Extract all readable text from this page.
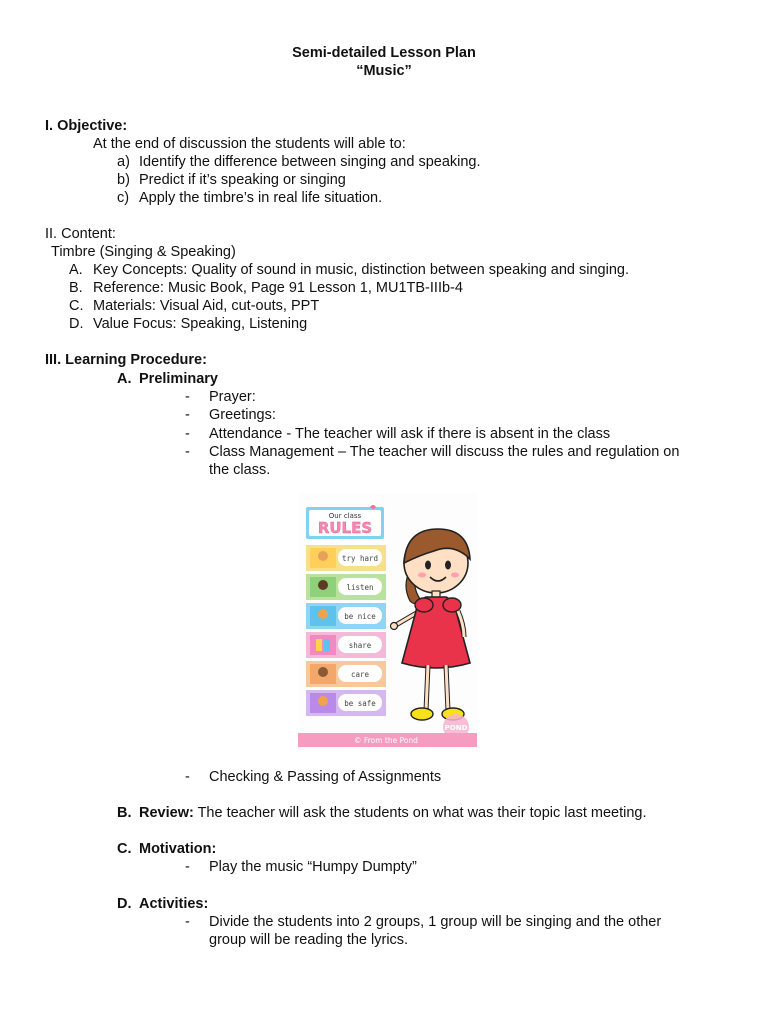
Semi-detailed Lesson Plan
“Music”
I. Objective:
At the end of discussion the students will able to:
a) Identify the difference between singing and speaking.
b) Predict if it’s speaking or singing
c) Apply the timbre’s in real life situation.
II. Content:
Timbre (Singing & Speaking)
A. Key Concepts: Quality of sound in music, distinction between speaking and singing.
B. Reference: Music Book, Page 91 Lesson 1, MU1TB-IIIb-4
C. Materials: Visual Aid, cut-outs, PPT
D. Value Focus: Speaking, Listening
III. Learning Procedure:
A. Preliminary
- Prayer:
- Greetings:
- Attendance - The teacher will ask if there is absent in the class
- Class Management – The teacher will discuss the rules and regulation on
the class.
Our class
RULES
try hard
listen
be nice
share
care
be safe
POND
© From the Pond
- Checking & Passing of Assignments
B. Review: The teacher will ask the students on what was their topic last meeting.
C. Motivation:
- Play the music “Humpy Dumpty”
D. Activities:
- Divide the students into 2 groups, 1 group will be singing and the other
group will be reading the lyrics.
